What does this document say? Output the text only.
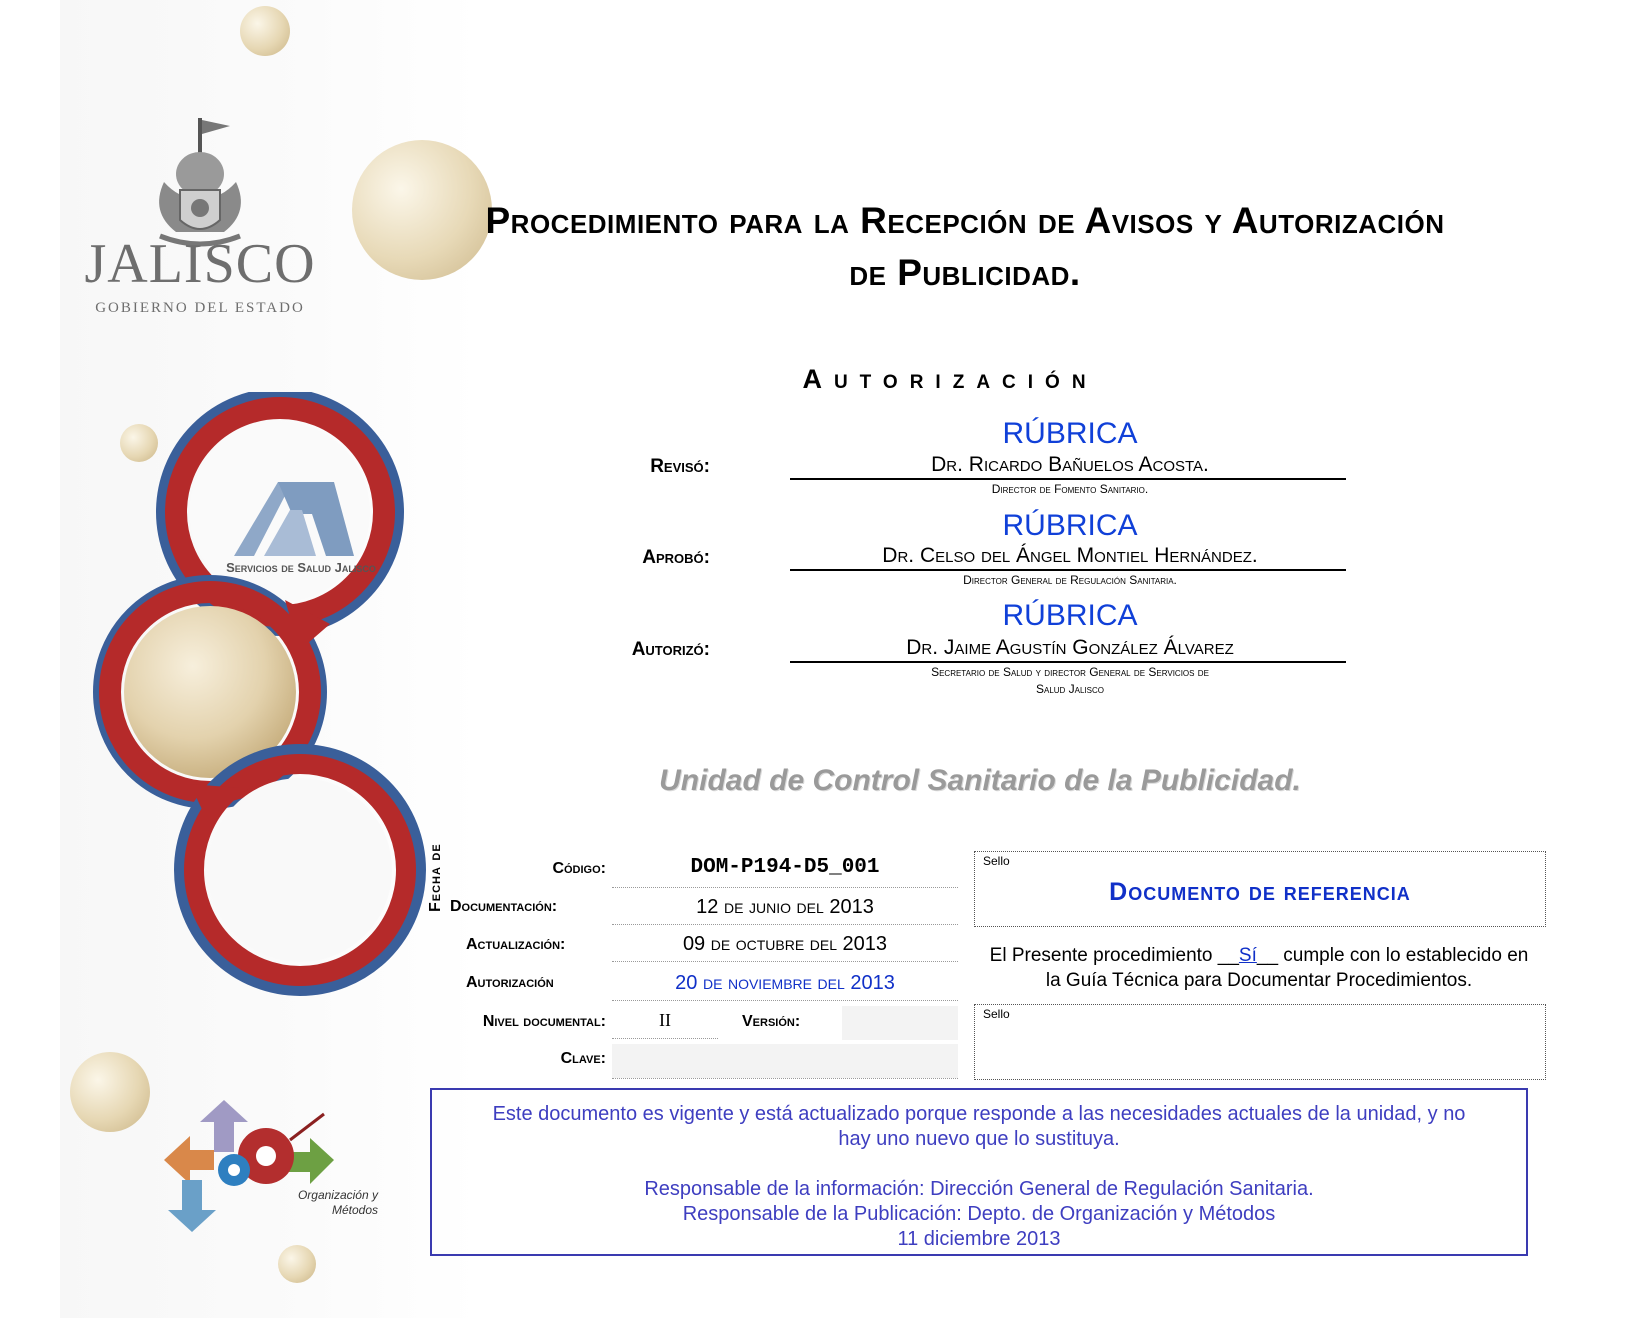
JALISCO
GOBIERNO DEL ESTADO
Servicios de Salud Jalisco
Organización y Métodos
Procedimiento para la Recepción de Avisos y Autorización
de Publicidad.
Autorización
RÚBRICA
Revisó:	Dr. Ricardo Bañuelos Acosta.
Director de Fomento Sanitario.
RÚBRICA
Aprobó:	Dr. Celso del Ángel Montiel Hernández.
Director General de Regulación Sanitaria.
RÚBRICA
Autorizó:	Dr. Jaime Agustín González Álvarez
Secretario de Salud y director General de Servicios de
Salud Jalisco
Unidad de Control Sanitario de la Publicidad.
Código:	DOM-P194-D5_001
Fecha de Documentación:	12 de junio del 2013
Actualización:	09 de octubre del 2013
Autorización	20 de noviembre del 2013
Nivel documental:	II	Versión:
Clave:
Sello
Documento de referencia
El Presente procedimiento __Sí__ cumple con lo establecido en
la Guía Técnica para Documentar Procedimientos.
Sello
Este documento es vigente y está actualizado porque responde a las necesidades actuales de la unidad, y no
hay uno nuevo que lo sustituya.
Responsable de la información: Dirección General de Regulación Sanitaria.
Responsable de la Publicación: Depto. de Organización y Métodos
11 diciembre 2013
